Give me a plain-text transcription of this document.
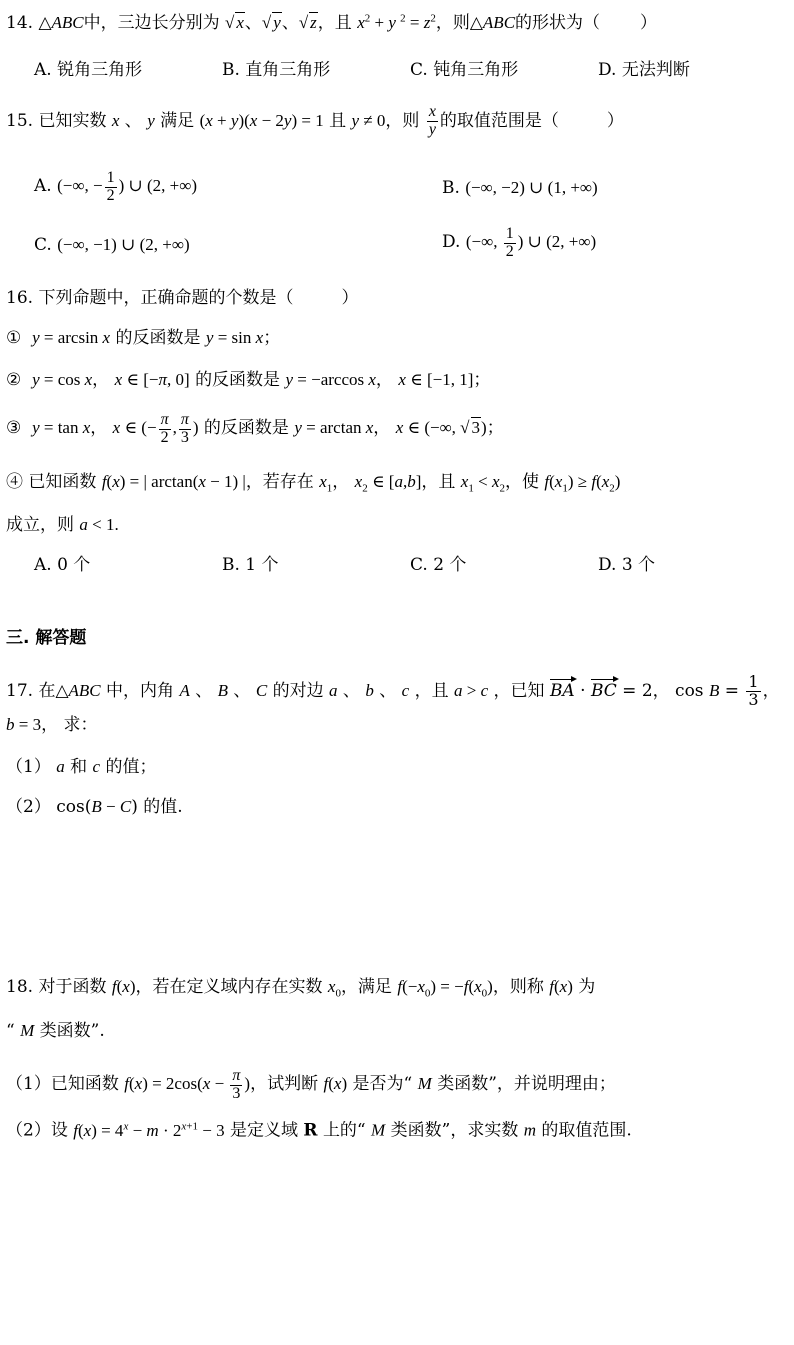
14. △ABC中，三边长分别为 √ x、√ y、√ z，且 $x^2 + y$ $^2 = z^2$，则△ABC的形状为（ ）
A. 锐角三角形	B. 直角三角形	C. 钝角三角形	D. 无法判断
15. 已知实数 x 、 y 满足 (x + y)(x − 2y) = 1 且 y ≠ 0，则 $\frac{x}{y}$ 的取值范围是（	）
A. (−∞, − $\frac{1}{2}$ ) ∪ (2, +∞)	B. (−∞, −2) ∪ (1, +∞)
C. (−∞, −1) ∪ (2, +∞)	D. (−∞, $\frac{1}{2}$ ) ∪ (2, +∞)
16. 下列命题中，正确命题的个数是（	）
① y = arcsin x 的反函数是 y = sin x；
② y = cos x， x ∈ [−π, 0] 的反函数是 y = −arccos x， x ∈ [−1, 1]；
③ y = tan x， x ∈ (− $\frac{\pi}{2}$ , $\frac{\pi}{3}$ ) 的反函数是 y = arctan x， x ∈ (−∞, √ 3)；
④ 已知函数 f(x) = | arctan(x − 1) |，若存在 $x_1$， $x_2$ ∈ [a,b]，且 $x_1 < x_2$，使 $f(x_1) \ge f(x_2)$
成立，则 a < 1.
A. 0 个	B. 1 个	C. 2 个	D. 3 个
三. 解答题
17. 在△ABC 中，内角 A 、 B 、 C 的对边 a 、 b 、 c ，且 a > c ，已知 BA · BC = 2， $\cos B = \frac{1}{3}$ ，
b = 3， 求：
（1） a 和 c 的值；
（2） cos(B − C) 的值.
18. 对于函数 f(x)，若在定义域内存在实数 $x_0$，满足 $f(-x_0) = -f(x_0)$，则称 f(x) 为
“ M 类函数”.
（1）已知函数 $f(x) = 2\cos(x - \frac{\pi}{3}$ )，试判断 f(x) 是否为“ M 类函数”，并说明理由；
（2）设 $f(x) = 4^x - m \cdot 2^{x+1} - 3$ 是定义域 R 上的“ M 类函数”，求实数 m 的取值范围.
